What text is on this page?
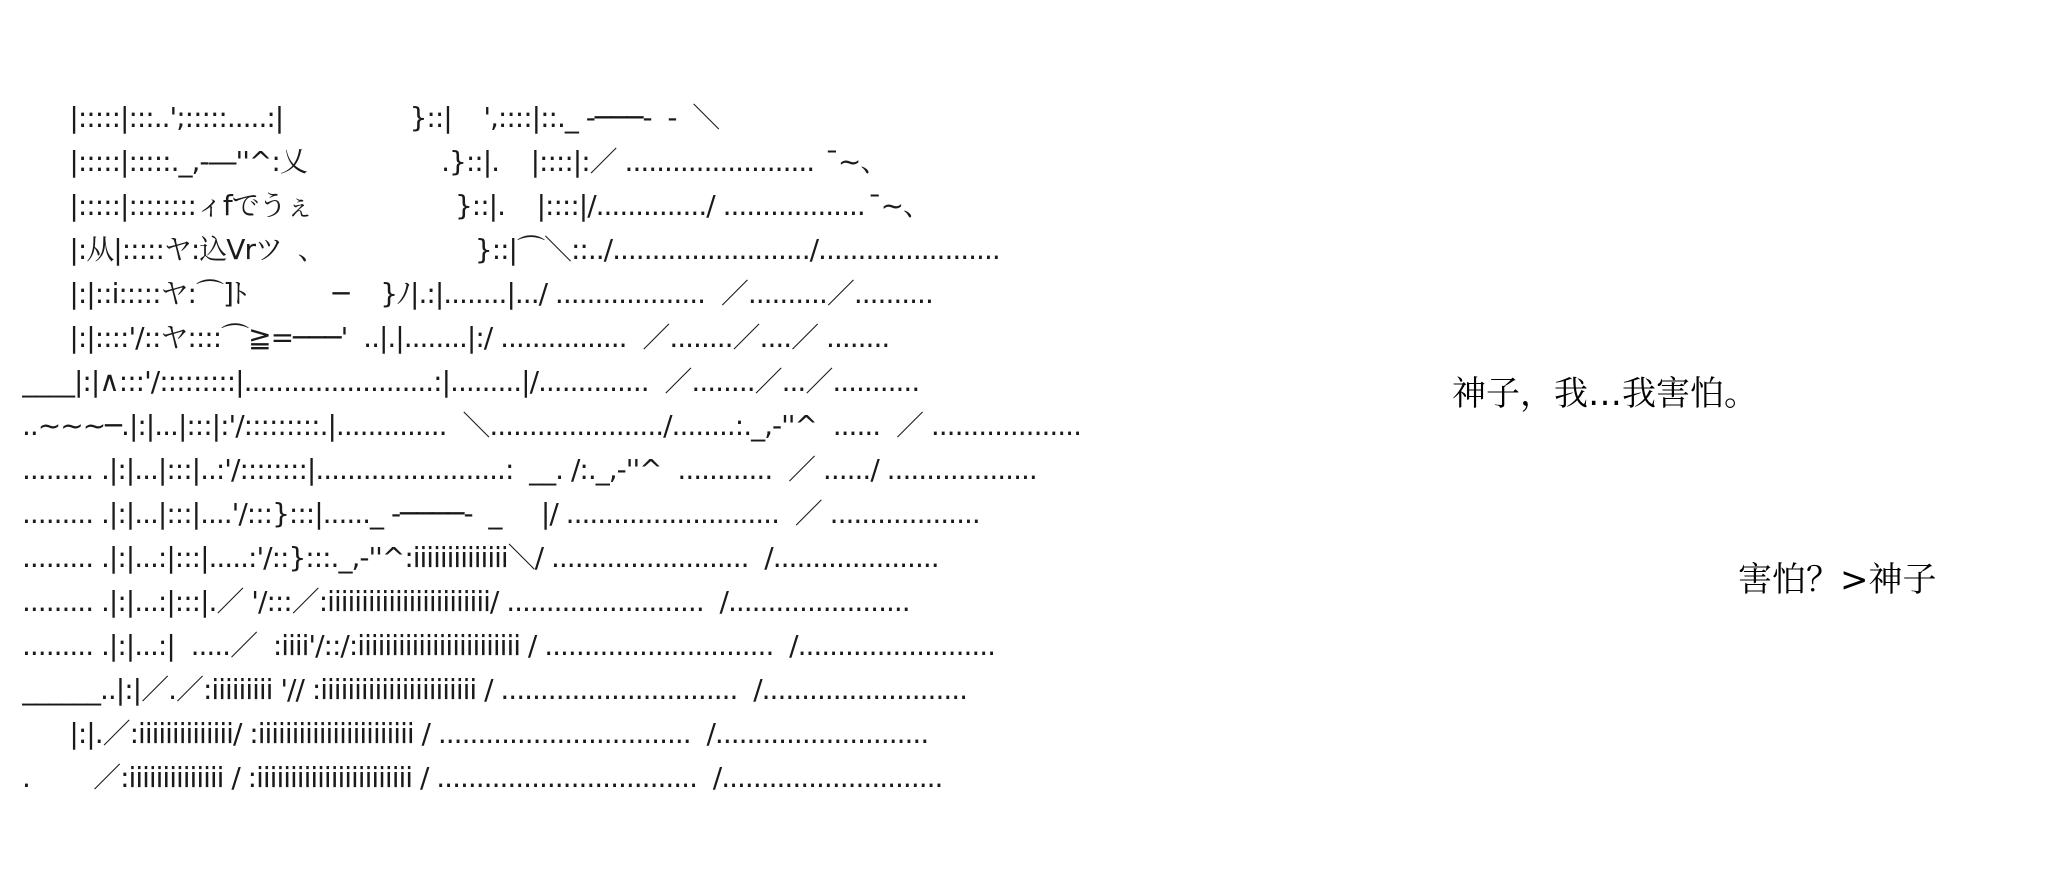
|:::::|:::..';:::::.....:|                }::|    ',::::|::._ -───-  -  ＼
|:::::|:::::._,-―''^:乂                 .}::|.    |::::|:／ ........................   ̄~、
|:::::|::::::::ィfでうぇ                  }::|.    |::::|/............../ ..................  ̄~、
|:从|:::::ヤ:込Vrツ  、                   }::|⌒＼::../........................./.......................
|:|::i:::::ヤ:⌒]ﾄ           ─    }ﾉ|.:|........|.../ ...................  ／..........／..........
|:|::::'/::ヤ::::⌒≧=───'  ..|.|........|:/ ................  ／........／....／ ........
____|:|∧:::'/:::::::::|........................:|.........|/..............  ／........／...／...........
..~~~─.|:|...|:::|:'/:::::::::.|..............  ＼....................../........:._,-''^  ......  ／ ...................
......... .|:|...|:::|..:'/::::::::|........................:  __. /:._,-''^  ............  ／ ....../ ...................
......... .|:|...|:::|....'/:::}:::|......_ -────-  _     |/ ...........................  ／ ...................
......... .|:|...:|:::|.....:'/::}:::._,-''^:iiiiiiiiiiiiii＼/ .........................  /.....................
......... .|:|...:|:::|.／ '/:::／:iiiiiiiiiiiiiiiiiiiiiiii/ .........................  /.......................
......... .|:|...:|  .....／  :iiii'/::/:iiiiiiiiiiiiiiiiiiiiiiii / .............................  /.........................
______..|:|／.／:iiiiiiiii '// :iiiiiiiiiiiiiiiiiiiiiii / ..............................  /..........................
|:|.／:iiiiiiiiiiiiii/ :iiiiiiiiiiiiiiiiiiiiiii / ................................  /...........................
.        ／:iiiiiiiiiiiiii / :iiiiiiiiiiiiiiiiiiiiiii / .................................  /............................
神子，我…我害怕。
害怕？>神子
